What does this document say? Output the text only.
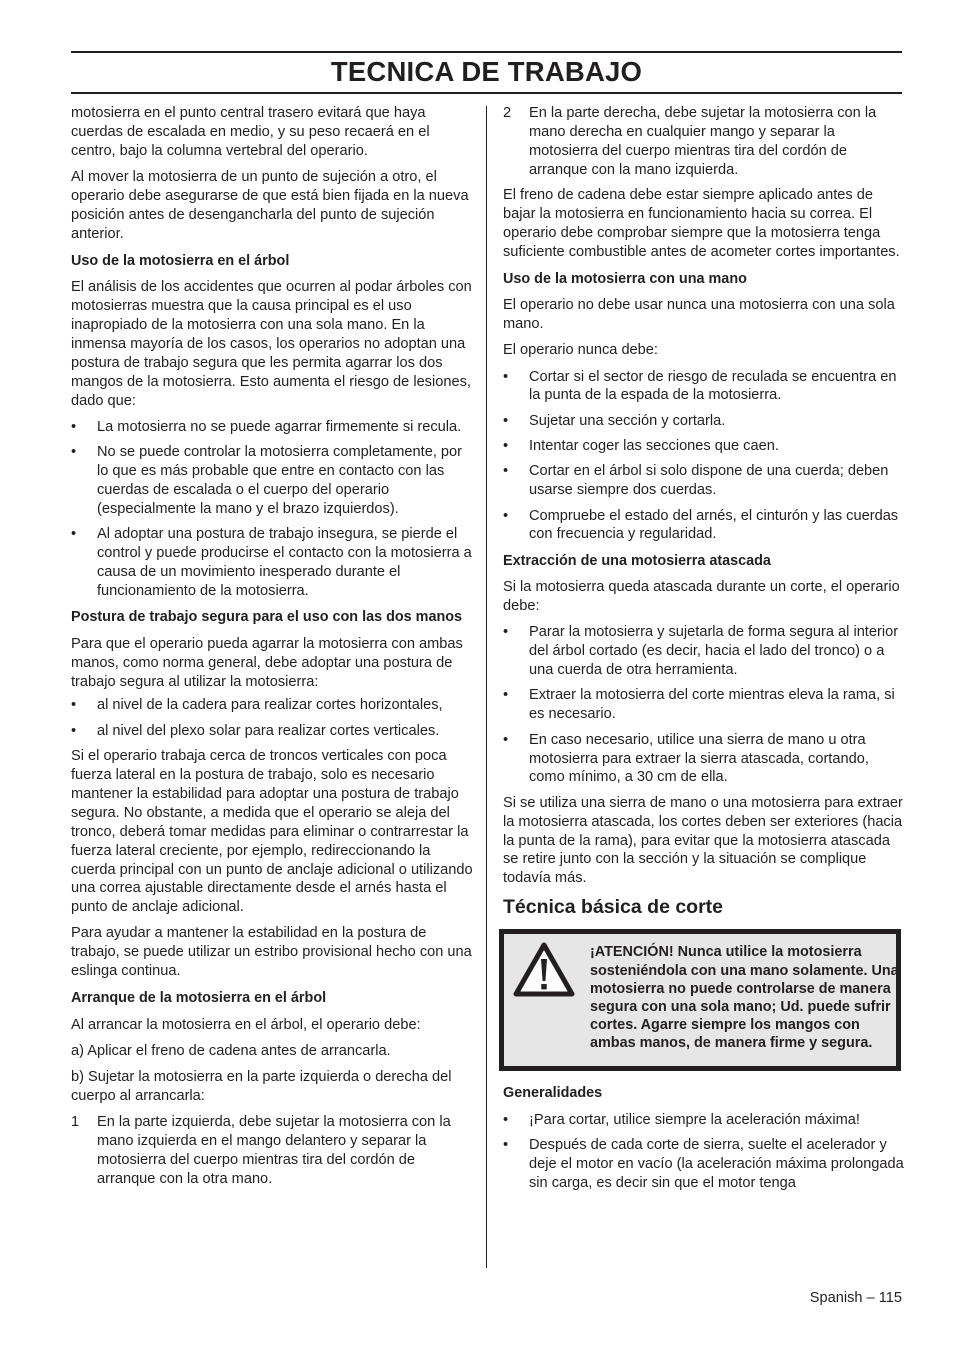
TECNICA DE TRABAJO

motosierra en el punto central trasero evitará que haya cuerdas de escalada en medio, y su peso recaerá en el centro, bajo la columna vertebral del operario.

Al mover la motosierra de un punto de sujeción a otro, el operario debe asegurarse de que está bien fijada en la nueva posición antes de desengancharla del punto de sujeción anterior.

Uso de la motosierra en el árbol

El análisis de los accidentes que ocurren al podar árboles con motosierras muestra que la causa principal es el uso inapropiado de la motosierra con una sola mano. En la inmensa mayoría de los casos, los operarios no adoptan una postura de trabajo segura que les permita agarrar los dos mangos de la motosierra. Esto aumenta el riesgo de lesiones, dado que:

• La motosierra no se puede agarrar firmemente si recula.
• No se puede controlar la motosierra completamente, por lo que es más probable que entre en contacto con las cuerdas de escalada o el cuerpo del operario (especialmente la mano y el brazo izquierdos).
• Al adoptar una postura de trabajo insegura, se pierde el control y puede producirse el contacto con la motosierra a causa de un movimiento inesperado durante el funcionamiento de la motosierra.
Postura de trabajo segura para el uso con las dos manos

Para que el operario pueda agarrar la motosierra con ambas manos, como norma general, debe adoptar una postura de trabajo segura al utilizar la motosierra:

• al nivel de la cadera para realizar cortes horizontales,
• al nivel del plexo solar para realizar cortes verticales.

Si el operario trabaja cerca de troncos verticales con poca fuerza lateral en la postura de trabajo, solo es necesario mantener la estabilidad para adoptar una postura de trabajo segura. No obstante, a medida que el operario se aleja del tronco, deberá tomar medidas para eliminar o contrarrestar la fuerza lateral creciente, por ejemplo, redireccionando la cuerda principal con un punto de anclaje adicional o utilizando una correa ajustable directamente desde el arnés hasta el punto de anclaje adicional.

Para ayudar a mantener la estabilidad en la postura de trabajo, se puede utilizar un estribo provisional hecho con una eslinga continua.

Arranque de la motosierra en el árbol

Al arrancar la motosierra en el árbol, el operario debe:

a) Aplicar el freno de cadena antes de arrancarla.

b) Sujetar la motosierra en la parte izquierda o derecha del cuerpo al arrancarla:

1 En la parte izquierda, debe sujetar la motosierra con la mano izquierda en el mango delantero y separar la motosierra del cuerpo mientras tira del cordón de arranque con la otra mano.
2 En la parte derecha, debe sujetar la motosierra con la mano derecha en cualquier mango y separar la motosierra del cuerpo mientras tira del cordón de arranque con la mano izquierda.

El freno de cadena debe estar siempre aplicado antes de bajar la motosierra en funcionamiento hacia su correa. El operario debe comprobar siempre que la motosierra tenga suficiente combustible antes de acometer cortes importantes.

Uso de la motosierra con una mano

El operario no debe usar nunca una motosierra con una sola mano.

El operario nunca debe:

• Cortar si el sector de riesgo de reculada se encuentra en la punta de la espada de la motosierra.
• Sujetar una sección y cortarla.
• Intentar coger las secciones que caen.
• Cortar en el árbol si solo dispone de una cuerda; deben usarse siempre dos cuerdas.
• Compruebe el estado del arnés, el cinturón y las cuerdas con frecuencia y regularidad.
Extracción de una motosierra atascada

Si la motosierra queda atascada durante un corte, el operario debe:

• Parar la motosierra y sujetarla de forma segura al interior del árbol cortado (es decir, hacia el lado del tronco) o a una cuerda de otra herramienta.
• Extraer la motosierra del corte mientras eleva la rama, si es necesario.
• En caso necesario, utilice una sierra de mano u otra motosierra para extraer la sierra atascada, cortando, como mínimo, a 30 cm de ella.

Si se utiliza una sierra de mano o una motosierra para extraer la motosierra atascada, los cortes deben ser exteriores (hacia la punta de la rama), para evitar que la motosierra atascada se retire junto con la sección y la situación se complique todavía más.

Técnica básica de corte
¡ATENCIÓN! Nunca utilice la motosierra sosteniéndola con una mano solamente. Una motosierra no puede controlarse de manera segura con una sola mano; Ud. puede sufrir cortes. Agarre siempre los mangos con ambas manos, de manera firme y segura.
Generalidades
• ¡Para cortar, utilice siempre la aceleración máxima!
• Después de cada corte de sierra, suelte el acelerador y deje el motor en vacío (la aceleración máxima prolongada sin carga, es decir sin que el motor tenga
Spanish – 115
